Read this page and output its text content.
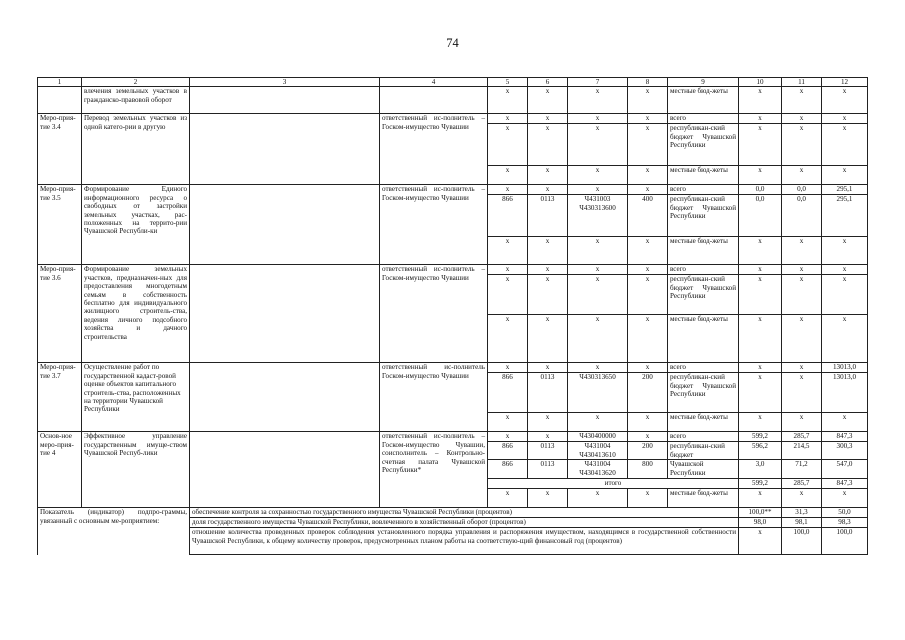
74
1	2	3	4	5	6	7	8	9	10	11	12
	влечения земельных участков в гражданско-правовой оборот			x	x	x	x	местные бюд-жеты	x	x	x
Меро-прия-тие 3.4	Перевод земельных участков из одной катего-рии в другую		ответственный ис-полнитель – Госком-имущество Чувашии	x	x	x	x	всего	x	x	x
				x	x	x	x	республикан-ский бюджет Чувашской Республики	x	x	x
				x	x	x	x	местные бюд-жеты	x	x	x
Меро-прия-тие 3.5	Формирование Единого информационного ресурса о свободных от застройки земельных участках, рас-положенных на террито-рии Чувашской Республи-ки		ответственный ис-полнитель – Госком-имущество Чувашии	x	x	x	x	всего	0,0	0,0	295,1
				866	0113	Ч431003 Ч430313600	400	республикан-ский бюджет Чувашской Республики	0,0	0,0	295,1
				x	x	x	x	местные бюд-жеты	x	x	x
Меро-прия-тие 3.6	Формирование земельных участков, предназначен-ных для предоставления многодетным семьям в собственность бесплатно для индивидуального жилищного строитель-ства, ведения личного подсобного хозяйства и дачного строительства		ответственный ис-полнитель – Госком-имущество Чувашии	x	x	x	x	всего	x	x	x
				x	x	x	x	республикан-ский бюджет Чувашской Республики	x	x	x
				x	x	x	x	местные бюд-жеты	x	x	x
Меро-прия-тие 3.7	Осуществление работ по государственной кадаст-ровой оценке объектов капитального строитель-ства, расположенных на территории Чувашской Республики		ответственный ис-полнитель Госком-имущество Чувашии	x	x	x	x	всего	x	x	13013,0
				866	0113	Ч430313650	200	республикан-ский бюджет Чувашской Республики	x	x	13013,0
				x	x	x	x	местные бюд-жеты	x	x	x
Основ-ное меро-прия-тие 4	Эффективное управление государственным имуще-ством Чувашской Респуб-лики		ответственный ис-полнитель – Госком-имущество Чувашии, соисполнитель – Контрольно-счетная палата Чувашской Республики*	x	x	Ч430400000	x	всего	599,2	285,7	847,3
				866	0113	Ч431004 Ч430413610	200	республикан-ский бюджет	596,2	214,5	300,3
				866	0113	Ч431004 Ч430413620	800	Чувашской Республики	3,0	71,2	547,0
				итого					599,2	285,7	847,3
				x	x	x	x	местные бюд-жеты	x	x	x
Показатель (индикатор) подпро-граммы, увязанный с основным ме-роприятием:		обеспечение контроля за сохранностью государственного имущества Чувашской Республики (процентов)							100,0**	31,3	50,0
		доля государственного имущества Чувашской Республики, вовлеченного в хозяйственный оборот (процентов)							98,0	98,1	98,3
		отношение количества проведенных проверок соблюдения установленного порядка управления и распоряжения имуществом, находящимся в государственной собственности Чувашской Республики, к общему количеству проверок, предусмотренных планом работы на соответствую-щий финансовый год (процентов)							x	100,0	100,0
